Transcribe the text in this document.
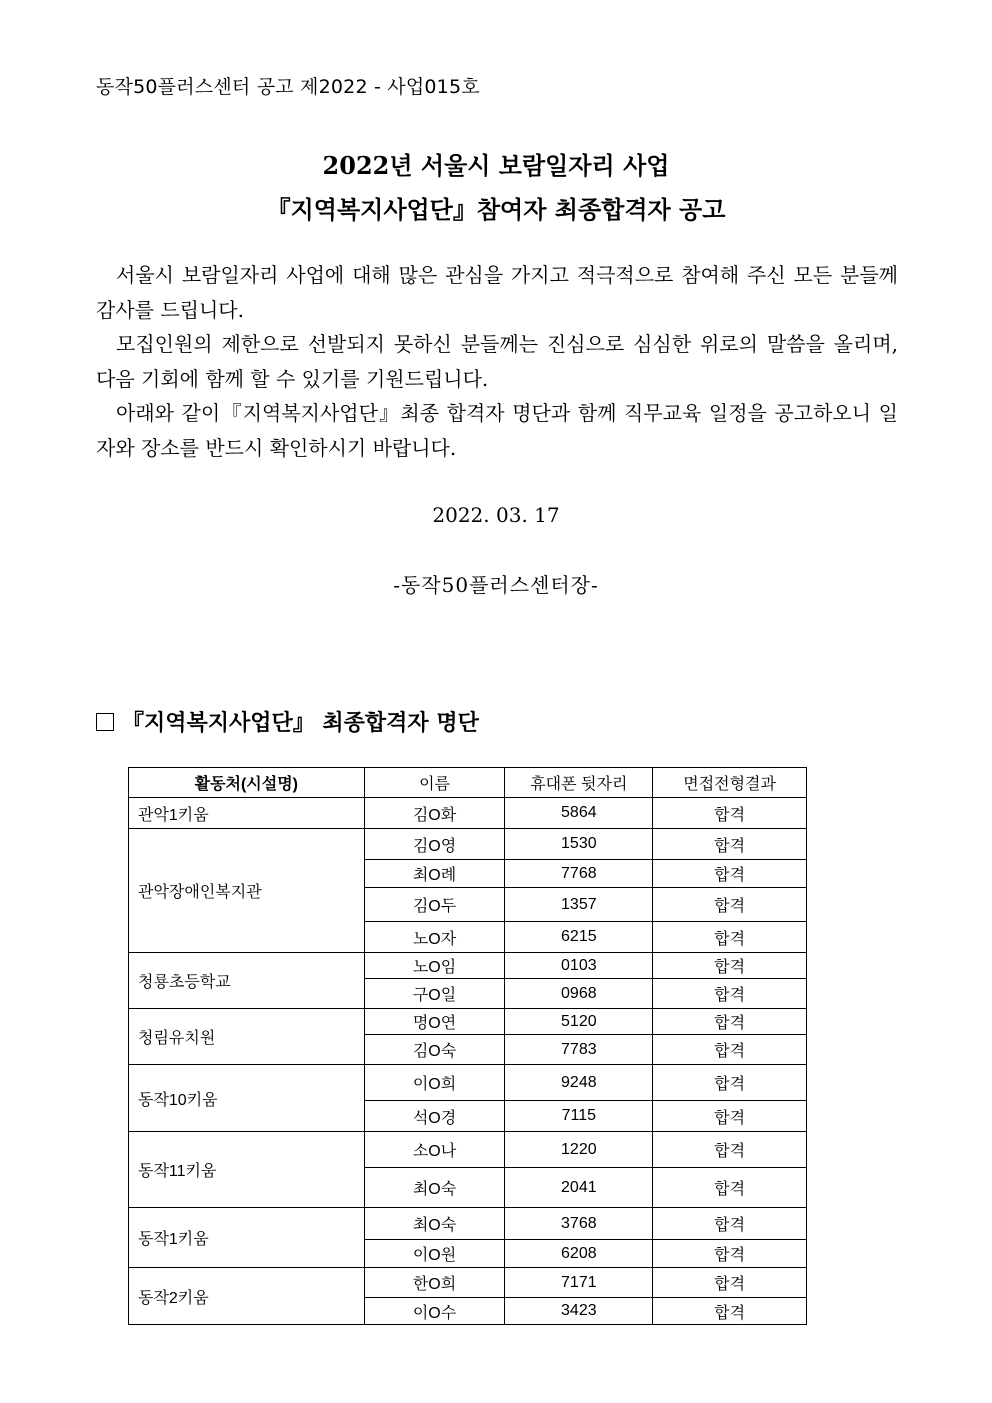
동작50플러스센터 공고 제2022 - 사업015호
2022년 서울시 보람일자리 사업
『지역복지사업단』참여자 최종합격자 공고

서울시 보람일자리 사업에 대해 많은 관심을 가지고 적극적으로 참여해 주신 모든 분들께 감사를 드립니다.

모집인원의 제한으로 선발되지 못하신 분들께는 진심으로 심심한 위로의 말씀을 올리며, 다음 기회에 함께 할 수 있기를 기원드립니다.

아래와 같이『지역복지사업단』최종 합격자 명단과 함께 직무교육 일정을 공고하오니 일자와 장소를 반드시 확인하시기 바랍니다.

2022. 03. 17
-동작50플러스센터장-
『지역복지사업단』 최종합격자 명단
활동처(시설명)	이름	휴대폰 뒷자리	면접전형결과
관악1키움	김O화	5864	합격
관악장애인복지관	김O영	1530	합격
	최O례	7768	합격
	김O두	1357	합격
	노O자	6215	합격
청룡초등학교	노O임	0103	합격
	구O일	0968	합격
청림유치원	명O연	5120	합격
	김O숙	7783	합격
동작10키움	이O희	9248	합격
	석O경	7115	합격
동작11키움	소O나	1220	합격
	최O숙	2041	합격
동작1키움	최O숙	3768	합격
	이O원	6208	합격
동작2키움	한O희	7171	합격
	이O수	3423	합격
